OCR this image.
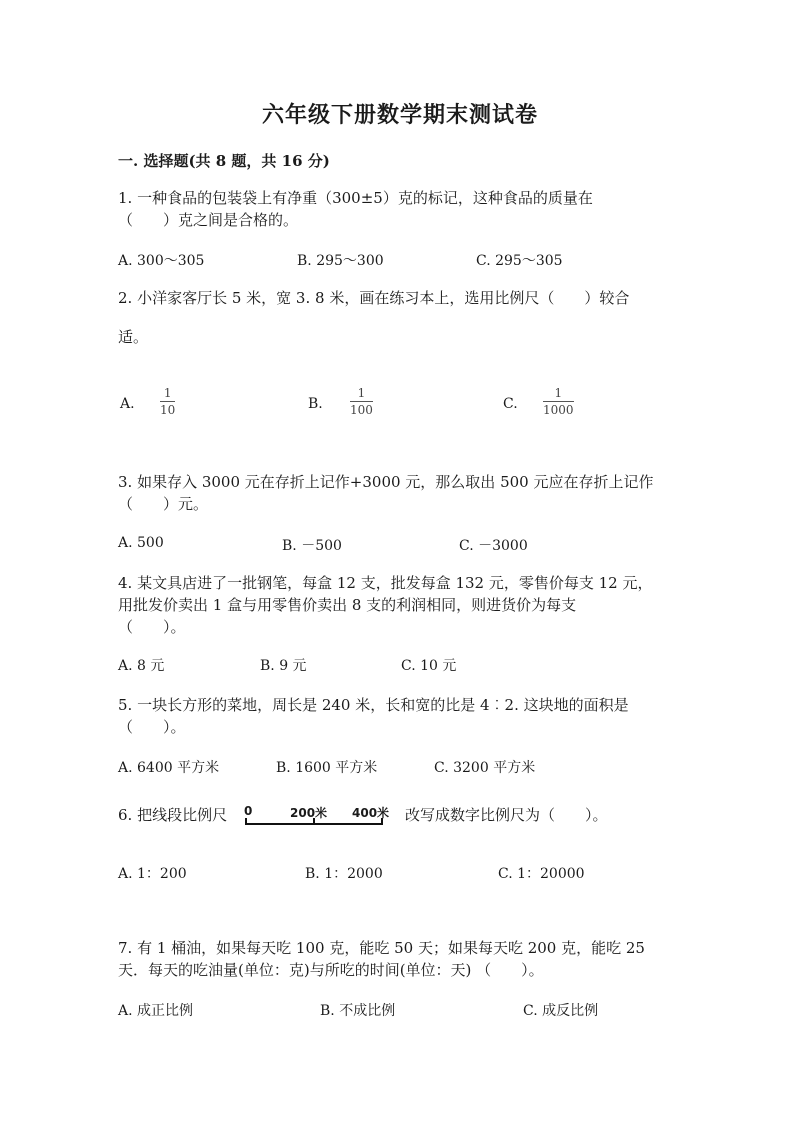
六年级下册数学期末测试卷
一. 选择题(共 8 题，共 16 分)
1. 一种食品的包装袋上有净重（300±5）克的标记，这种食品的质量在
（　　）克之间是合格的。
A. 300～305	B. 295～300	C. 295～305
2. 小洋家客厅长 5 米，宽 3. 8 米，画在练习本上，选用比例尺（　　）较合
适。
A.
1
10	B.
1
100	C.
1
1000
3. 如果存入 3000 元在存折上记作+3000 元，那么取出 500 元应在存折上记作
（　　）元。
A. 500	B. －500	C. －3000
4. 某文具店进了一批钢笔，每盒 12 支，批发每盒 132 元，零售价每支 12 元，
用批发价卖出 1 盒与用零售价卖出 8 支的利润相同，则进货价为每支
（　　）。
A. 8 元	B. 9 元	C. 10 元
5. 一块长方形的菜地，周长是 240 米，长和宽的比是 4︰2. 这块地的面积是
（　　）。
A. 6400 平方米	B. 1600 平方米	C. 3200 平方米
6. 把线段比例尺 0	200米 400米 改写成数字比例尺为（　　）。
A. 1：200	B. 1：2000	C. 1：20000
7. 有 1 桶油，如果每天吃 100 克，能吃 50 天；如果每天吃 200 克，能吃 25
天．每天的吃油量(单位：克)与所吃的时间(单位：天) （　　）。
A. 成正比例	B. 不成比例	C. 成反比例
